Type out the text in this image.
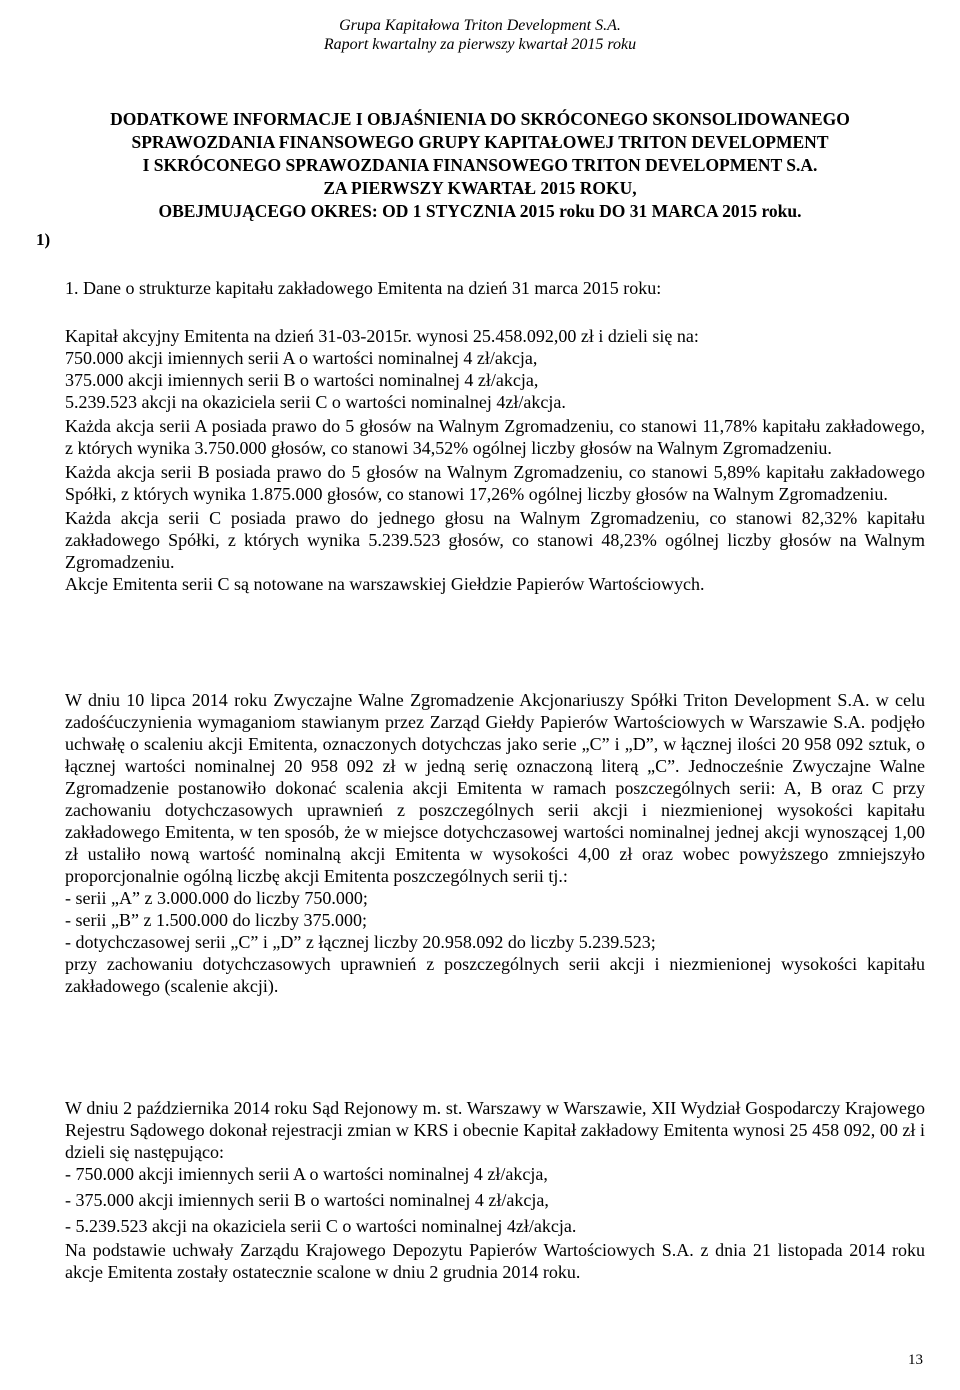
Grupa Kapitałowa Triton Development S.A.
Raport kwartalny za pierwszy kwartał 2015 roku
DODATKOWE INFORMACJE I OBJAŚNIENIA DO SKRÓCONEGO SKONSOLIDOWANEGO
SPRAWOZDANIA FINANSOWEGO GRUPY KAPITAŁOWEJ TRITON DEVELOPMENT
I SKRÓCONEGO SPRAWOZDANIA FINANSOWEGO TRITON DEVELOPMENT S.A.
ZA PIERWSZY KWARTAŁ 2015 ROKU,
OBEJMUJĄCEGO OKRES: OD 1 STYCZNIA 2015 roku DO 31 MARCA 2015 roku.
1)
1. Dane o strukturze kapitału zakładowego Emitenta na dzień 31 marca 2015 roku:

Kapitał akcyjny Emitenta na dzień 31-03-2015r. wynosi 25.458.092,00 zł i dzieli się na:

750.000 akcji imiennych serii A o wartości nominalnej 4 zł/akcja,

375.000 akcji imiennych serii B o wartości nominalnej 4 zł/akcja,

5.239.523 akcji na okaziciela serii C o wartości nominalnej 4zł/akcja.

Każda akcja serii A posiada prawo do 5 głosów na Walnym Zgromadzeniu, co stanowi 11,78% kapitału zakładowego, z których wynika 3.750.000 głosów, co stanowi 34,52% ogólnej liczby głosów na Walnym Zgromadzeniu.

Każda akcja serii B posiada prawo do 5 głosów na Walnym Zgromadzeniu, co stanowi 5,89% kapitału zakładowego Spółki, z których wynika 1.875.000 głosów, co stanowi 17,26% ogólnej liczby głosów na Walnym Zgromadzeniu.

Każda akcja serii C posiada prawo do jednego głosu na Walnym Zgromadzeniu, co stanowi 82,32% kapitału zakładowego Spółki, z których wynika 5.239.523 głosów, co stanowi 48,23% ogólnej liczby głosów na Walnym Zgromadzeniu.

Akcje Emitenta serii C są notowane na warszawskiej Giełdzie Papierów Wartościowych.

W dniu 10 lipca 2014 roku Zwyczajne Walne Zgromadzenie Akcjonariuszy Spółki Triton Development S.A. w celu zadośćuczynienia wymaganiom stawianym przez Zarząd Giełdy Papierów Wartościowych w Warszawie S.A. podjęło uchwałę o scaleniu akcji Emitenta, oznaczonych dotychczas jako serie „C” i „D”, w łącznej ilości 20 958 092 sztuk, o łącznej wartości nominalnej 20 958 092 zł w jedną serię oznaczoną literą „C”. Jednocześnie Zwyczajne Walne Zgromadzenie postanowiło dokonać scalenia akcji Emitenta w ramach poszczególnych serii: A, B oraz C przy zachowaniu dotychczasowych uprawnień z poszczególnych serii akcji i niezmienionej wysokości kapitału zakładowego Emitenta, w ten sposób, że w miejsce dotychczasowej wartości nominalnej jednej akcji wynoszącej 1,00 zł ustaliło nową wartość nominalną akcji Emitenta w wysokości 4,00 zł oraz wobec powyższego zmniejszyło proporcjonalnie ogólną liczbę akcji Emitenta poszczególnych serii tj.:

- serii „A” z 3.000.000 do liczby 750.000;

- serii „B” z 1.500.000 do liczby 375.000;

- dotychczasowej serii „C” i „D” z łącznej liczby 20.958.092 do liczby 5.239.523;

przy zachowaniu dotychczasowych uprawnień z poszczególnych serii akcji i niezmienionej wysokości kapitału zakładowego (scalenie akcji).

W dniu 2 października 2014 roku Sąd Rejonowy m. st. Warszawy w Warszawie, XII Wydział Gospodarczy Krajowego Rejestru Sądowego dokonał rejestracji zmian w KRS i obecnie Kapitał zakładowy Emitenta wynosi 25 458 092, 00 zł i dzieli się następująco:

- 750.000 akcji imiennych serii A o wartości nominalnej 4 zł/akcja,

- 375.000 akcji imiennych serii B o wartości nominalnej 4 zł/akcja,

- 5.239.523 akcji na okaziciela serii C o wartości nominalnej 4zł/akcja.

Na podstawie uchwały Zarządu Krajowego Depozytu Papierów Wartościowych S.A. z dnia 21 listopada 2014 roku akcje Emitenta zostały ostatecznie scalone w dniu 2 grudnia 2014 roku.

13
